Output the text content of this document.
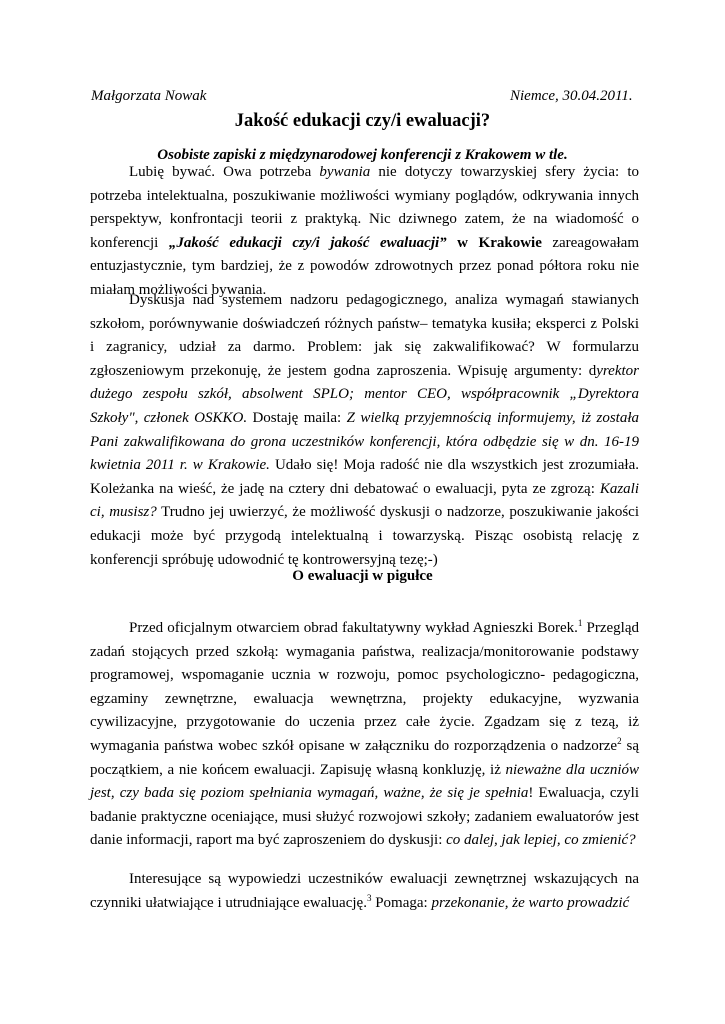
Małgorzata Nowak	Niemce, 30.04.2011.
Jakość edukacji czy/i ewaluacji?
Osobiste zapiski z międzynarodowej konferencji z Krakowem w tle.

Lubię bywać. Owa potrzeba bywania nie dotyczy towarzyskiej sfery życia: to potrzeba intelektualna, poszukiwanie możliwości wymiany poglądów, odkrywania innych perspektyw, konfrontacji teorii z praktyką. Nic dziwnego zatem, że na wiadomość o konferencji „Jakość edukacji czy/i jakość ewaluacji” w Krakowie zareagowałam entuzjastycznie, tym bardziej, że z powodów zdrowotnych przez ponad półtora roku nie miałam możliwości bywania.

Dyskusja nad systemem nadzoru pedagogicznego, analiza wymagań stawianych szkołom, porównywanie doświadczeń różnych państw– tematyka kusiła; eksperci z Polski i zagranicy, udział za darmo. Problem: jak się zakwalifikować? W formularzu zgłoszeniowym przekonuję, że jestem godna zaproszenia. Wpisuję argumenty: dyrektor dużego zespołu szkół, absolwent SPLO; mentor CEO, współpracownik „Dyrektora Szkoły", członek OSKKO. Dostaję maila: Z wielką przyjemnością informujemy, iż została Pani zakwalifikowana do grona uczestników konferencji, która odbędzie się w dn. 16-19 kwietnia 2011 r. w Krakowie. Udało się! Moja radość nie dla wszystkich jest zrozumiała. Koleżanka na wieść, że jadę na cztery dni debatować o ewaluacji, pyta ze zgrozą: Kazali ci, musisz? Trudno jej uwierzyć, że możliwość dyskusji o nadzorze, poszukiwanie jakości edukacji może być przygodą intelektualną i towarzyską. Pisząc osobistą relację z konferencji spróbuję udowodnić tę kontrowersyjną tezę;-)

O ewaluacji w pigułce

Przed oficjalnym otwarciem obrad fakultatywny wykład Agnieszki Borek.$^1$ Przegląd zadań stojących przed szkołą: wymagania państwa, realizacja/monitorowanie podstawy programowej, wspomaganie ucznia w rozwoju, pomoc psychologiczno- pedagogiczna, egzaminy zewnętrzne, ewaluacja wewnętrzna, projekty edukacyjne, wyzwania cywilizacyjne, przygotowanie do uczenia przez całe życie. Zgadzam się z tezą, iż wymagania państwa wobec szkół opisane w załączniku do rozporządzenia o nadzorze$^2$ są początkiem, a nie końcem ewaluacji. Zapisuję własną konkluzję, iż nieważne dla uczniów jest, czy bada się poziom spełniania wymagań, ważne, że się je spełnia! Ewaluacja, czyli badanie praktyczne oceniające, musi służyć rozwojowi szkoły; zadaniem ewaluatorów jest danie informacji, raport ma być zaproszeniem do dyskusji: co dalej, jak lepiej, co zmienić?

Interesujące są wypowiedzi uczestników ewaluacji zewnętrznej wskazujących na czynniki ułatwiające i utrudniające ewaluację.$^3$ Pomaga: przekonanie, że warto prowadzić
